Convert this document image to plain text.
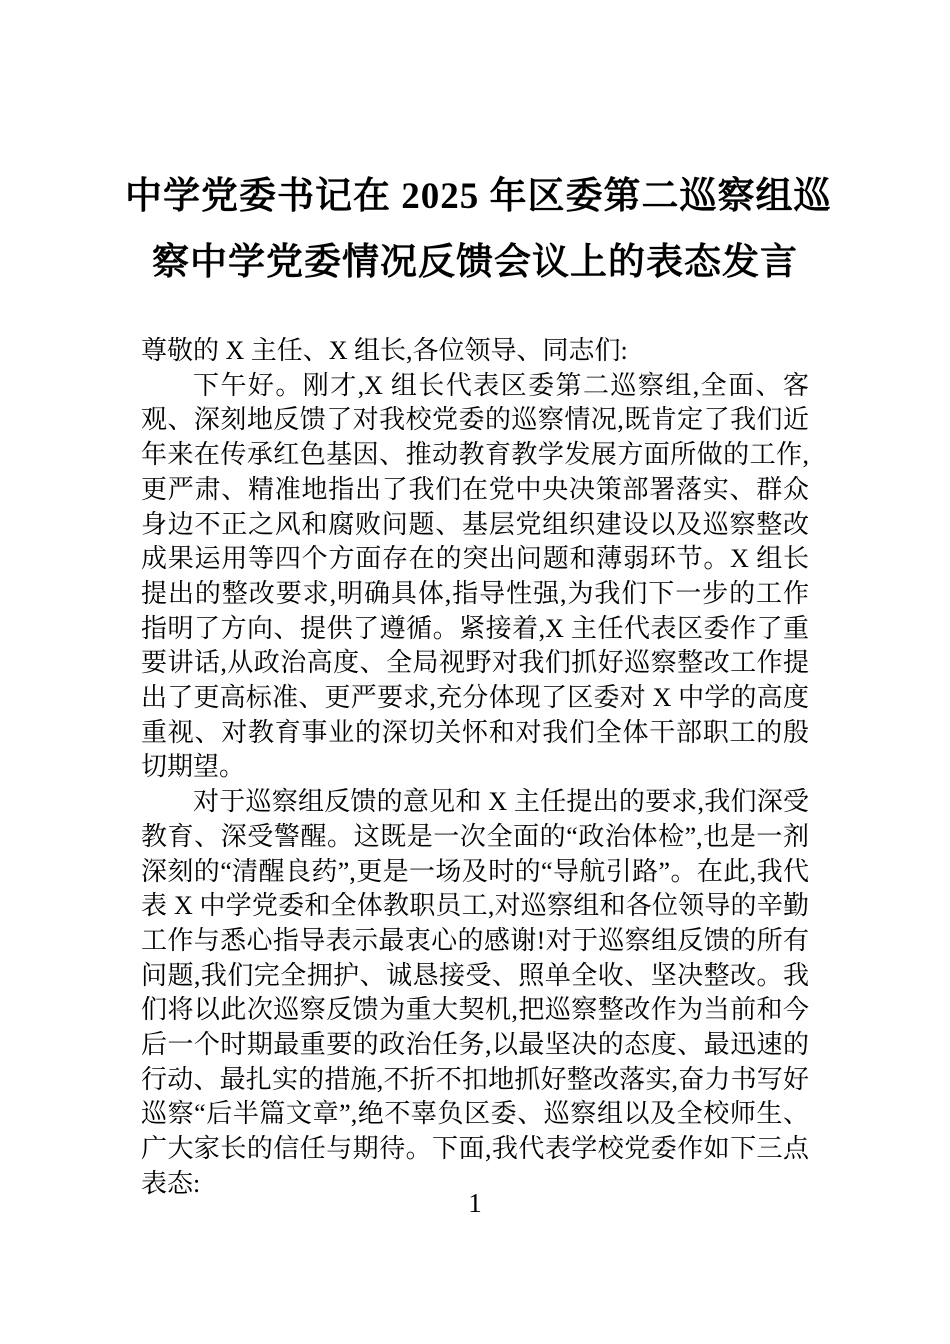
中学党委书记在 2025 年区委第二巡察组巡
察中学党委情况反馈会议上的表态发言

尊敬的 X 主任、X 组长,各位领导、同志们:

下午好。刚才,X 组长代表区委第二巡察组,全面、客观、深刻地反馈了对我校党委的巡察情况,既肯定了我们近年来在传承红色基因、推动教育教学发展方面所做的工作,更严肃、精准地指出了我们在党中央决策部署落实、群众身边不正之风和腐败问题、基层党组织建设以及巡察整改成果运用等四个方面存在的突出问题和薄弱环节。X 组长提出的整改要求,明确具体,指导性强,为我们下一步的工作指明了方向、提供了遵循。紧接着,X 主任代表区委作了重要讲话,从政治高度、全局视野对我们抓好巡察整改工作提出了更高标准、更严要求,充分体现了区委对 X 中学的高度重视、对教育事业的深切关怀和对我们全体干部职工的殷切期望。

对于巡察组反馈的意见和 X 主任提出的要求,我们深受教育、深受警醒。这既是一次全面的“政治体检”,也是一剂深刻的“清醒良药”,更是一场及时的“导航引路”。在此,我代表 X 中学党委和全体教职员工,对巡察组和各位领导的辛勤工作与悉心指导表示最衷心的感谢!对于巡察组反馈的所有问题,我们完全拥护、诚恳接受、照单全收、坚决整改。我们将以此次巡察反馈为重大契机,把巡察整改作为当前和今后一个时期最重要的政治任务,以最坚决的态度、最迅速的行动、最扎实的措施,不折不扣地抓好整改落实,奋力书写好巡察“后半篇文章”,绝不辜负区委、巡察组以及全校师生、广大家长的信任与期待。下面,我代表学校党委作如下三点表态:

1
